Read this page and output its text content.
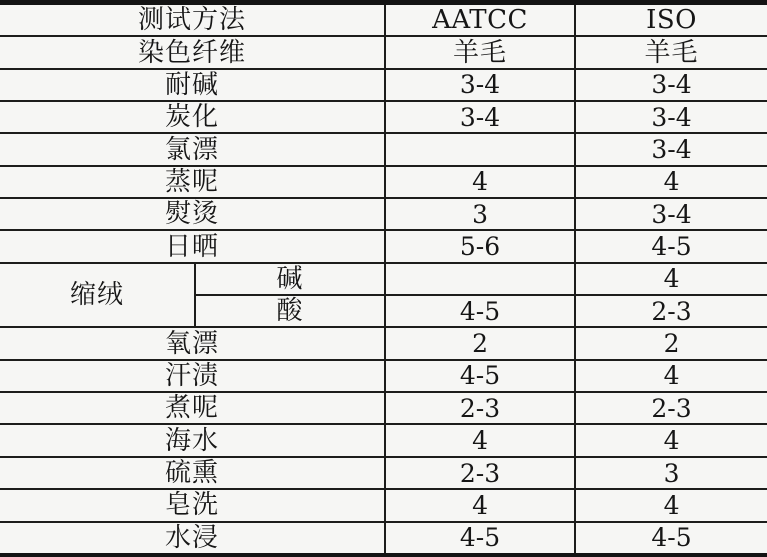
测试方法		AATCC	ISO
染色纤维		羊毛	羊毛
耐碱		3-4	3-4
炭化		3-4	3-4
氯漂			3-4
蒸呢		4	4
熨烫		3	3-4
日晒		5-6	4-5
缩绒	碱		4
	酸	4-5	2-3
氧漂		2	2
汗渍		4-5	4
煮呢		2-3	2-3
海水		4	4
硫熏		2-3	3
皂洗		4	4
水浸		4-5	4-5
